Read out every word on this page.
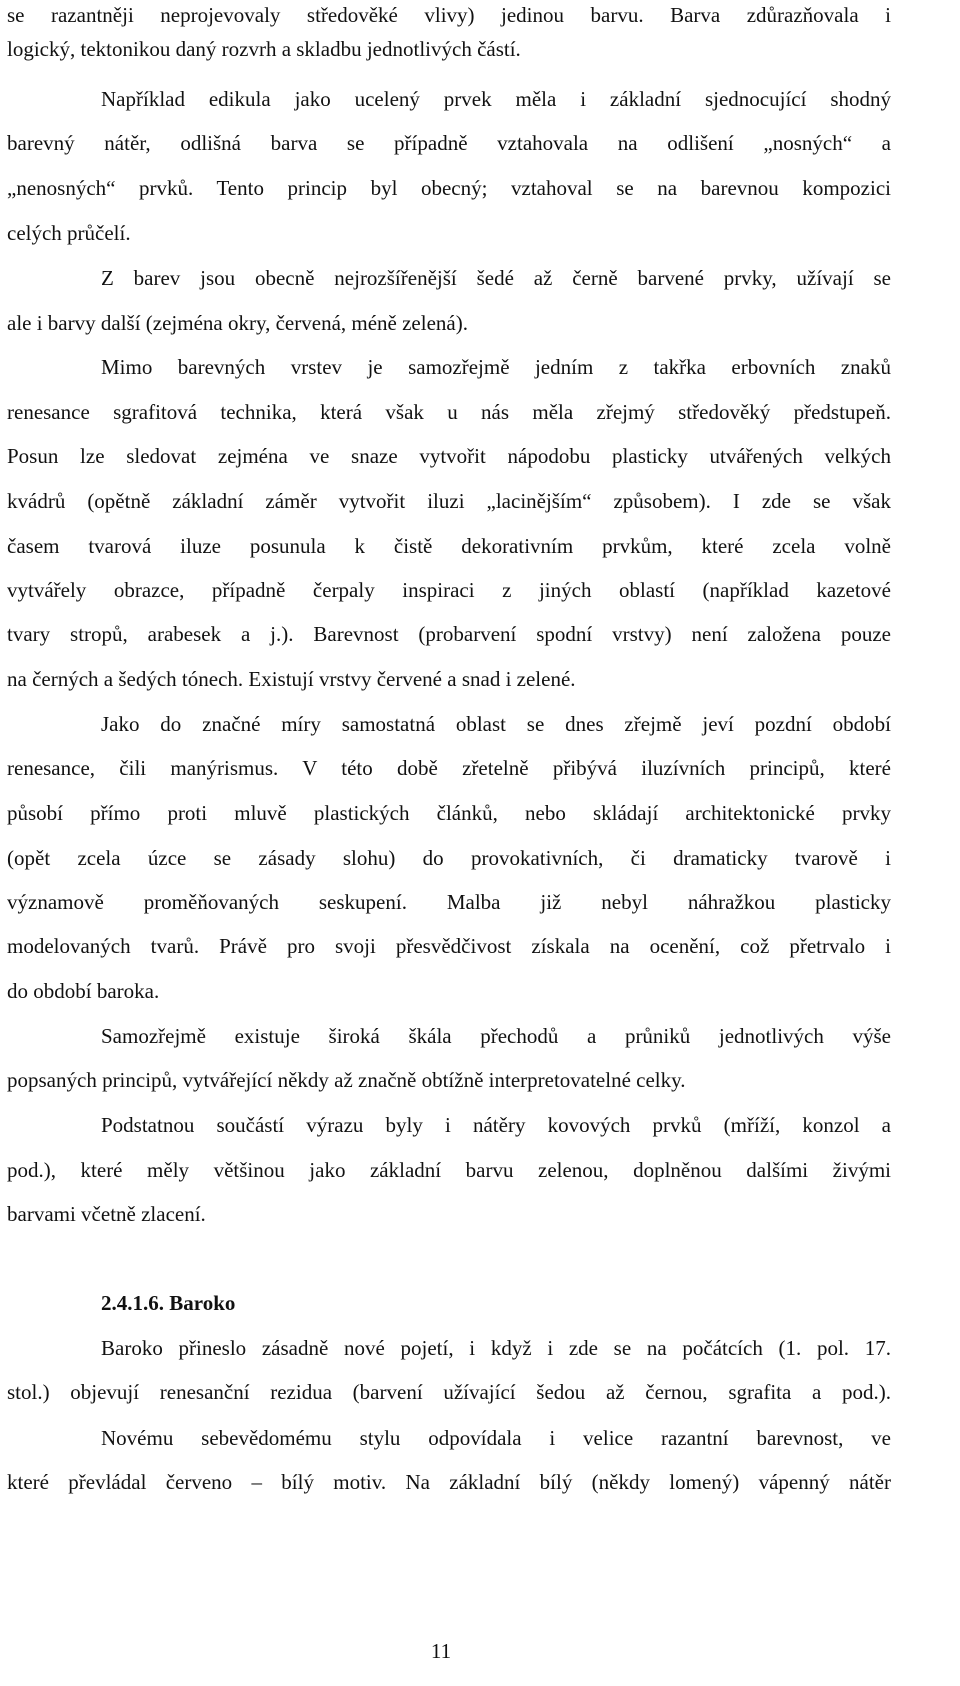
se razantněji neprojevovaly středověké vlivy) jedinou barvu. Barva zdůrazňovala i
logický, tektonikou daný rozvrh a skladbu jednotlivých částí.
Například edikula jako ucelený prvek měla i základní sjednocující shodný
barevný nátěr, odlišná barva se případně vztahovala na odlišení „nosných“ a
„nenosných“ prvků. Tento princip byl obecný; vztahoval se na barevnou kompozici
celých průčelí.
Z barev jsou obecně nejrozšířenější šedé až černě barvené prvky, užívají se
ale i barvy další (zejména okry, červená, méně zelená).
Mimo barevných vrstev je samozřejmě jedním z takřka erbovních znaků
renesance sgrafitová technika, která však u nás měla zřejmý středověký předstupeň.
Posun lze sledovat zejména ve snaze vytvořit nápodobu plasticky utvářených velkých
kvádrů (opětně základní záměr vytvořit iluzi „lacinějším“ způsobem). I zde se však
časem tvarová iluze posunula k čistě dekorativním prvkům, které zcela volně
vytvářely obrazce, případně čerpaly inspiraci z jiných oblastí (například kazetové
tvary stropů, arabesek a j.). Barevnost (probarvení spodní vrstvy) není založena pouze
na černých a šedých tónech. Existují vrstvy červené a snad i zelené.
Jako do značné míry samostatná oblast se dnes zřejmě jeví pozdní období
renesance, čili manýrismus. V této době zřetelně přibývá iluzívních principů, které
působí přímo proti mluvě plastických článků, nebo skládají architektonické prvky
(opět zcela úzce se zásady slohu) do provokativních, či dramaticky tvarově i
významově proměňovaných seskupení. Malba již nebyl náhražkou plasticky
modelovaných tvarů. Právě pro svoji přesvědčivost získala na ocenění, což přetrvalo i
do období baroka.
Samozřejmě existuje široká škála přechodů a průniků jednotlivých výše
popsaných principů, vytvářející někdy až značně obtížně interpretovatelné celky.
Podstatnou součástí výrazu byly i nátěry kovových prvků (mříží, konzol a
pod.), které měly většinou jako základní barvu zelenou, doplněnou dalšími živými
barvami včetně zlacení.
2.4.1.6. Baroko
Baroko přineslo zásadně nové pojetí, i když i zde se na počátcích (1. pol. 17.
stol.) objevují renesanční rezidua (barvení užívající šedou až černou, sgrafita a pod.).
Novému sebevědomému stylu odpovídala i velice razantní barevnost, ve
které převládal červeno – bílý motiv. Na základní bílý (někdy lomený) vápenný nátěr
11
